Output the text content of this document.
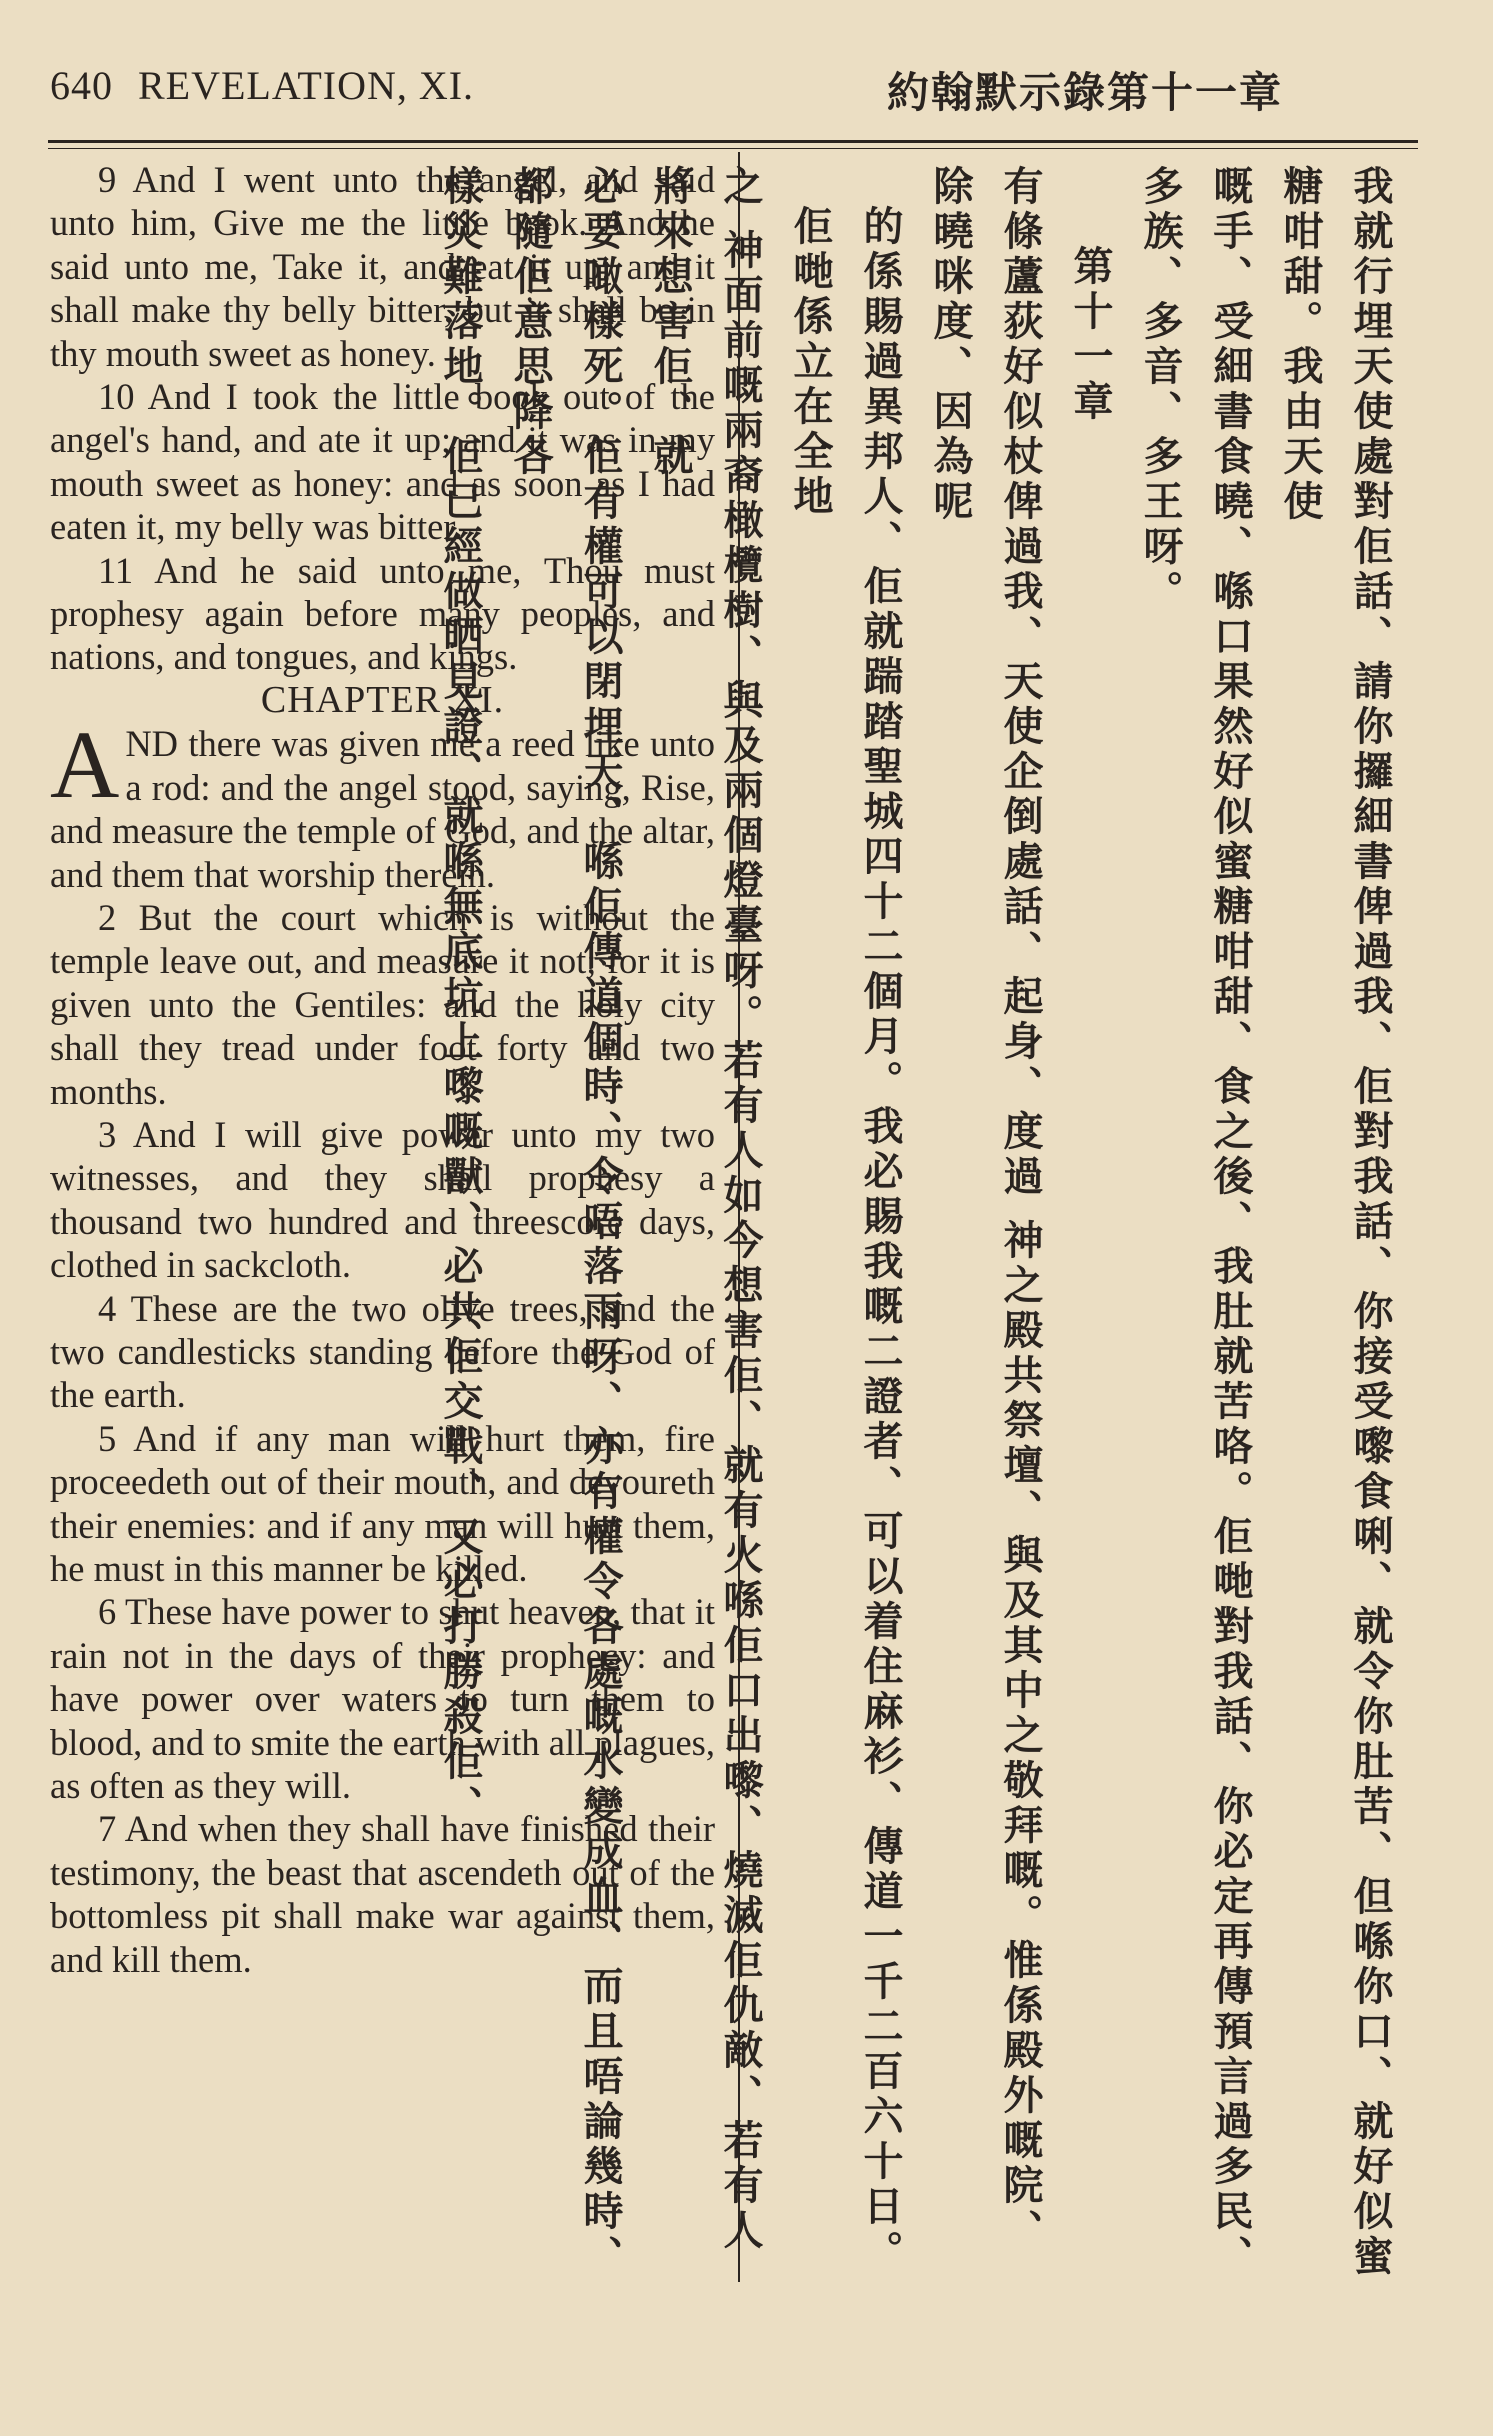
640 REVELATION, XI.	約翰默示錄第十一章

9 And I went unto the angel, and said unto him, Give me the little book. And he said unto me, Take it, and eat it up; and it shall make thy belly bitter, but it shall be in thy mouth sweet as honey.

10 And I took the little book out of the angel's hand, and ate it up; and it was in my mouth sweet as honey: and as soon as I had eaten it, my belly was bitter.

11 And he said unto me, Thou must prophesy again before many peoples, and nations, and tongues, and kings.

CHAPTER XI.

AND there was given me a reed like unto a rod: and the angel stood, saying, Rise, and measure the temple of God, and the altar, and them that worship therein.

2 But the court which is without the temple leave out, and measure it not; for it is given unto the Gentiles: and the holy city shall they tread under foot forty and two months.

3 And I will give power unto my two witnesses, and they shall prophesy a thousand two hundred and threescore days, clothed in sackcloth.

4 These are the two olive trees, and the two candlesticks standing before the God of the earth.

5 And if any man will hurt them, fire proceedeth out of their mouth, and devoureth their enemies: and if any man will hurt them, he must in this manner be killed.

6 These have power to shut heaven, that it rain not in the days of their prophecy: and have power over waters to turn them to blood, and to smite the earth with all plagues, as often as they will.

7 And when they shall have finished their testimony, the beast that ascendeth out of the bottomless pit shall make war against them, and kill them.	我就行埋天使處對佢話、請你攞細書俾過我、佢對我話、你接受嚟食唎、就令你肚苦、但喺你口、就好似蜜糖咁甜。我由天使

嘅手、受細書食曉、喺口果然好似蜜糖咁甜、食之後、我肚就苦咯。佢哋對我話、你必定再傳預言過多民、多族、多音、多王呀。

第十一章

有條蘆荻好似杖俾過我、天使企倒處話、起身、度過 神之殿共祭壇、與及其中之敬拜嘅。惟係殿外嘅院、除曉咪度、因為呢

的係賜過異邦人、佢就踹踏聖城四十二個月。我必賜我嘅二證者、可以着住麻衫、傳道一千二百六十日。佢哋係立在全地

之 神面前嘅兩裔橄欖樹、與及兩個燈臺呀。若有人如今想害佢、就有火喺佢口出嚟、燒滅佢仇敵、若有人將來想害佢、就

必要噉樣死。佢有權可以閉埋天、喺佢傳道個時、令唔落雨呀、亦有權令各處嘅水變成血、而且唔論幾時、都隨佢意思降各

樣災難落地。佢已經做晒見證、就喺無底坑上嚟嘅獸、必共佢交戰、又必打勝殺佢、
